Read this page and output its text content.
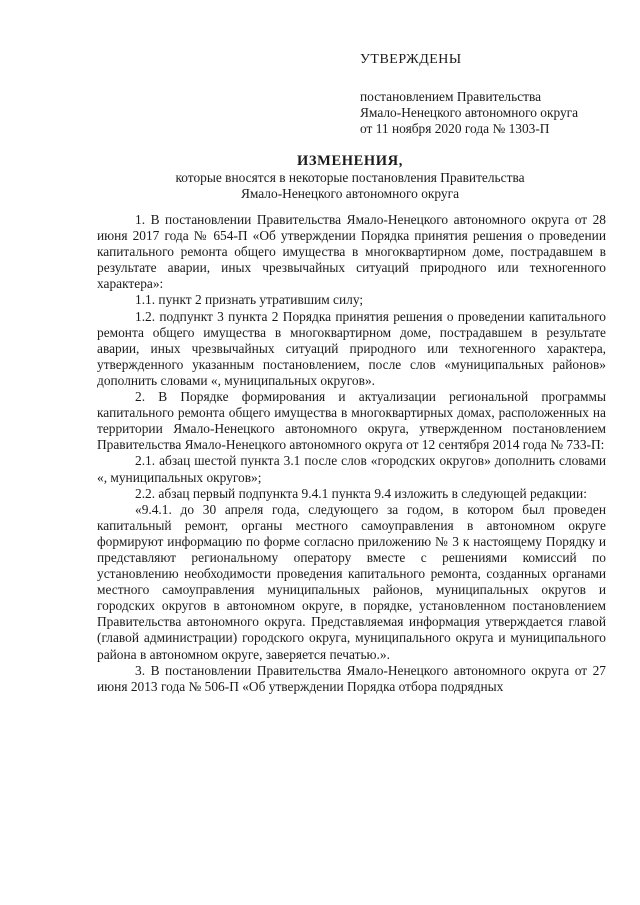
УТВЕРЖДЕНЫ
постановлением Правительства
Ямало-Ненецкого автономного округа
от 11 ноября 2020 года № 1303-П
ИЗМЕНЕНИЯ,
которые вносятся в некоторые постановления Правительства
Ямало-Ненецкого автономного округа

1. В постановлении Правительства Ямало-Ненецкого автономного округа от 28 июня 2017 года № 654-П «Об утверждении Порядка принятия решения о проведении капитального ремонта общего имущества в многоквартирном доме, пострадавшем в результате аварии, иных чрезвычайных ситуаций природного или техногенного характера»:

1.1. пункт 2 признать утратившим силу;

1.2. подпункт 3 пункта 2 Порядка принятия решения о проведении капитального ремонта общего имущества в многоквартирном доме, пострадавшем в результате аварии, иных чрезвычайных ситуаций природного или техногенного характера, утвержденного указанным постановлением, после слов «муниципальных районов» дополнить словами «, муниципальных округов».

2. В Порядке формирования и актуализации региональной программы капитального ремонта общего имущества в многоквартирных домах, расположенных на территории Ямало-Ненецкого автономного округа, утвержденном постановлением Правительства Ямало-Ненецкого автономного округа от 12 сентября 2014 года № 733-П:

2.1. абзац шестой пункта 3.1 после слов «городских округов» дополнить словами «, муниципальных округов»;

2.2. абзац первый подпункта 9.4.1 пункта 9.4 изложить в следующей редакции:

«9.4.1. до 30 апреля года, следующего за годом, в котором был проведен капитальный ремонт, органы местного самоуправления в автономном округе формируют информацию по форме согласно приложению № 3 к настоящему Порядку и представляют региональному оператору вместе с решениями комиссий по установлению необходимости проведения капитального ремонта, созданных органами местного самоуправления муниципальных районов, муниципальных округов и городских округов в автономном округе, в порядке, установленном постановлением Правительства автономного округа. Представляемая информация утверждается главой (главой администрации) городского округа, муниципального округа и муниципального района в автономном округе, заверяется печатью.».

3. В постановлении Правительства Ямало-Ненецкого автономного округа от 27 июня 2013 года № 506-П «Об утверждении Порядка отбора подрядных
